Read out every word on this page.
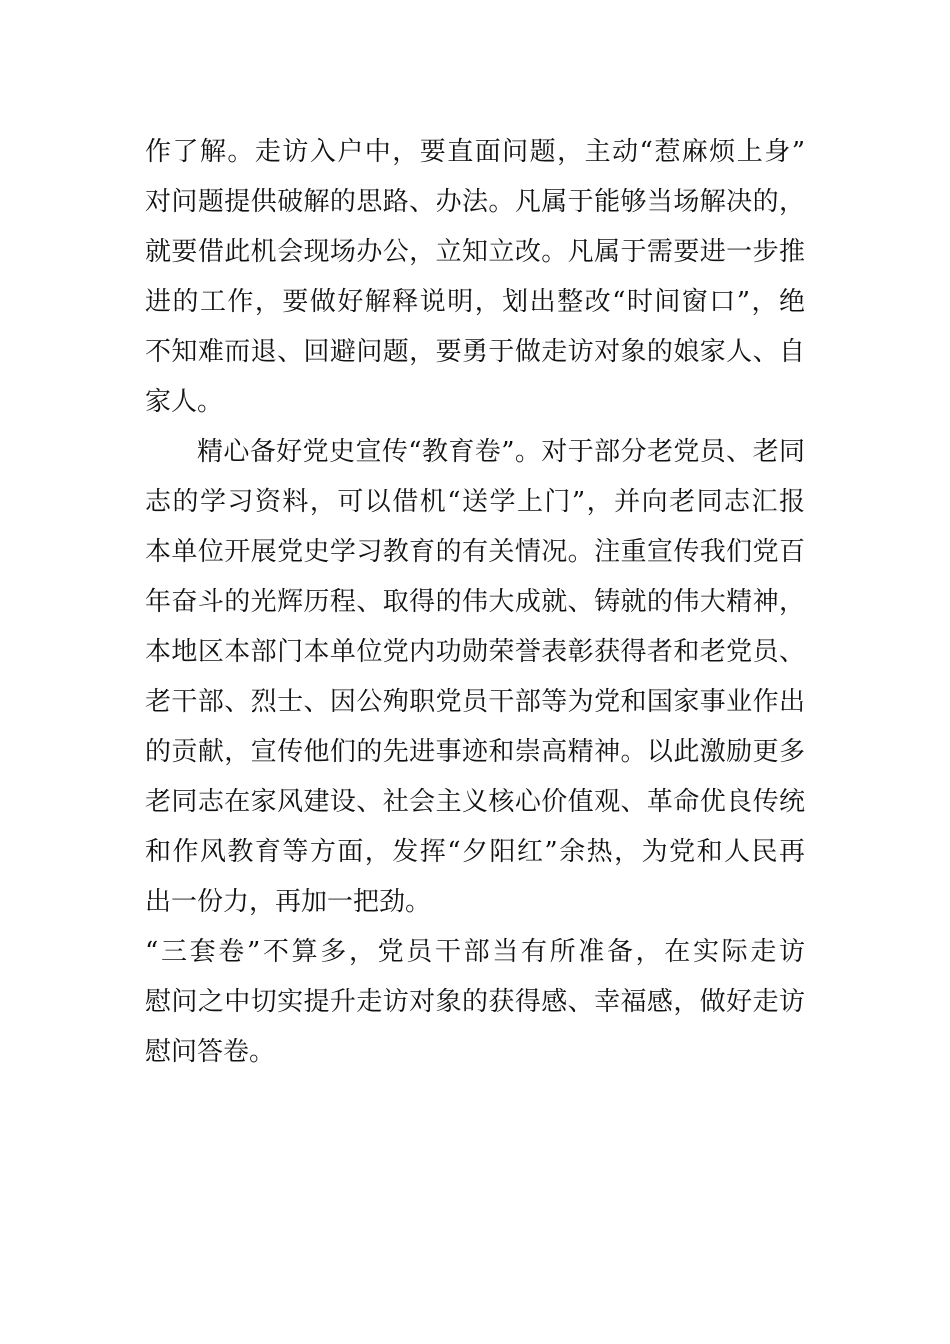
作了解。走访入户中，要直面问题，主动“惹麻烦上身”
对问题提供破解的思路、办法。凡属于能够当场解决的，
就要借此机会现场办公，立知立改。凡属于需要进一步推
进的工作，要做好解释说明，划出整改“时间窗口”，绝
不知难而退、回避问题，要勇于做走访对象的娘家人、自
家人。
精心备好党史宣传“教育卷”。对于部分老党员、老同
志的学习资料，可以借机“送学上门”，并向老同志汇报
本单位开展党史学习教育的有关情况。注重宣传我们党百
年奋斗的光辉历程、取得的伟大成就、铸就的伟大精神，
本地区本部门本单位党内功勋荣誉表彰获得者和老党员、
老干部、烈士、因公殉职党员干部等为党和国家事业作出
的贡献，宣传他们的先进事迹和崇高精神。以此激励更多
老同志在家风建设、社会主义核心价值观、革命优良传统
和作风教育等方面，发挥“夕阳红”余热，为党和人民再
出一份力，再加一把劲。
“三套卷”不算多，党员干部当有所准备，在实际走访
慰问之中切实提升走访对象的获得感、幸福感，做好走访
慰问答卷。
